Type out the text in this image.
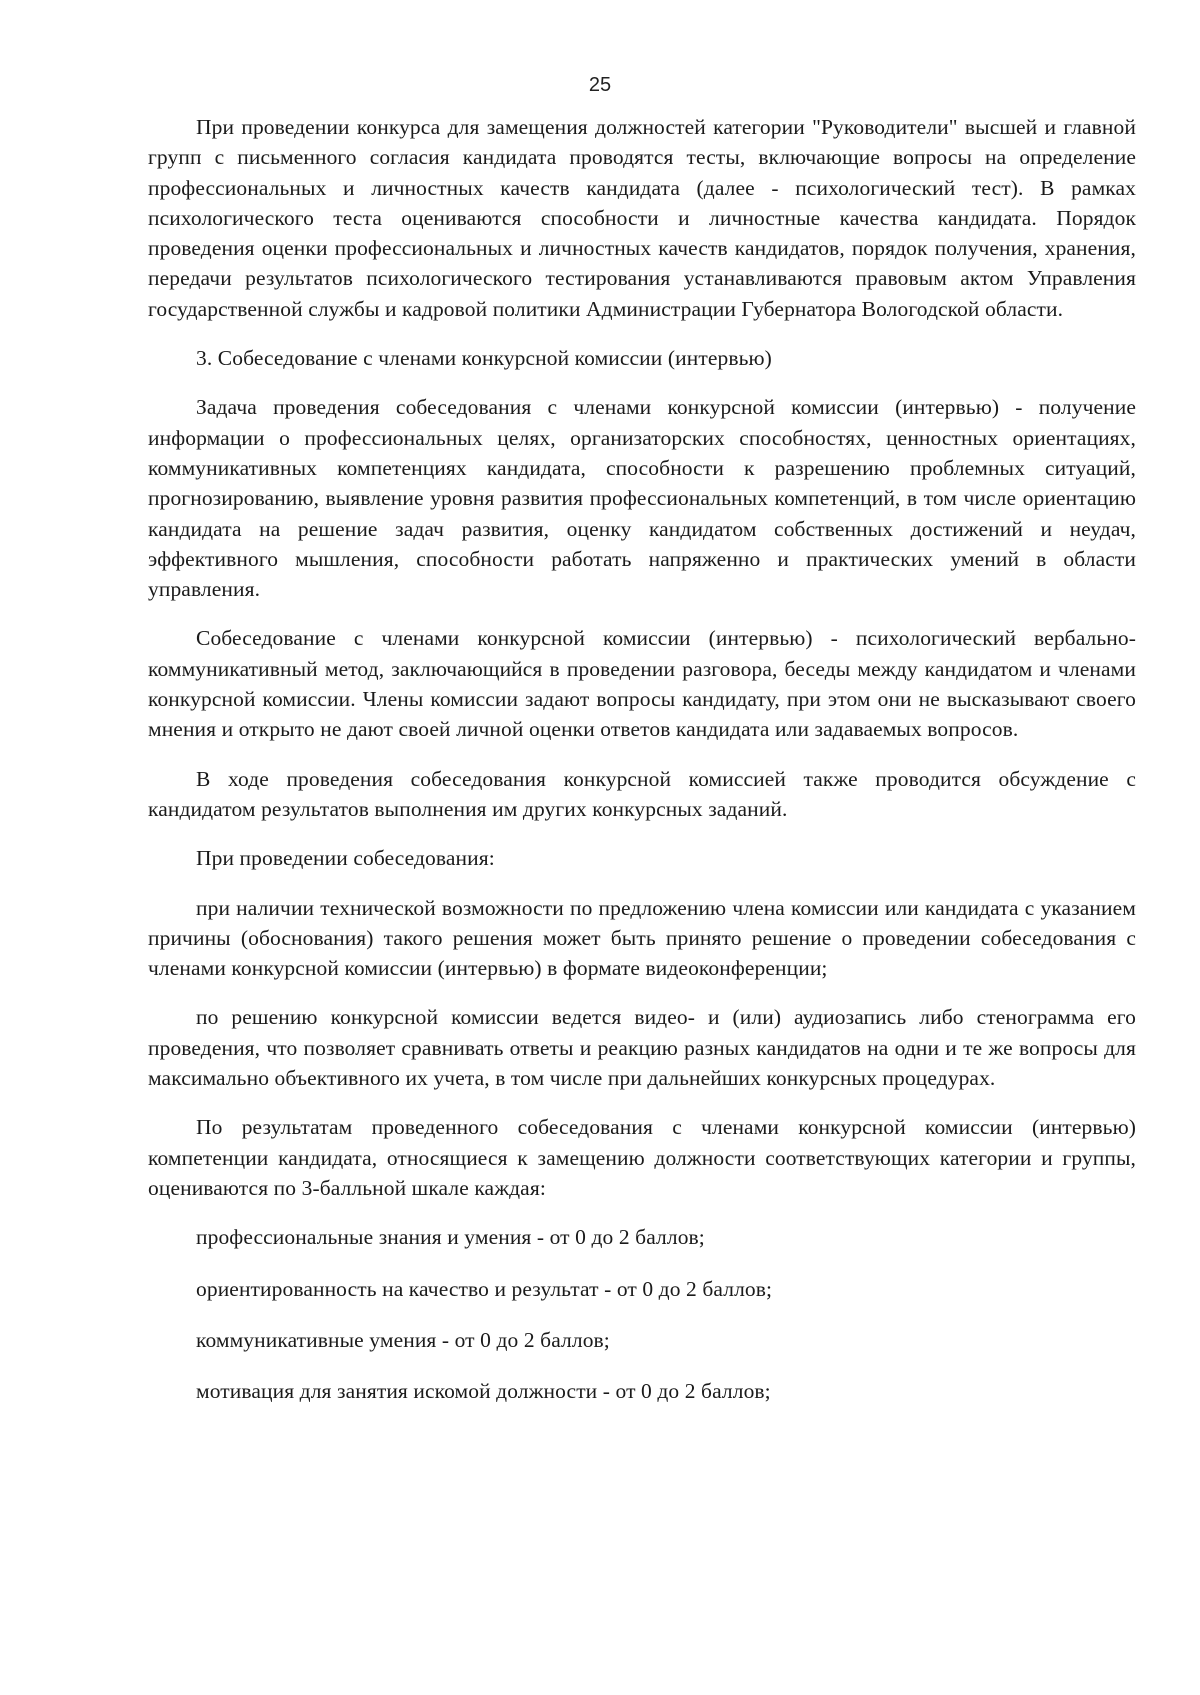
25

При проведении конкурса для замещения должностей категории "Руководители" высшей и главной групп с письменного согласия кандидата проводятся тесты, включающие вопросы на определение профессиональных и личностных качеств кандидата (далее - психологический тест). В рамках психологического теста оцениваются способности и личностные качества кандидата. Порядок проведения оценки профессиональных и личностных качеств кандидатов, порядок получения, хранения, передачи результатов психологического тестирования устанавливаются правовым актом Управления государственной службы и кадровой политики Администрации Губернатора Вологодской области.

3. Собеседование с членами конкурсной комиссии (интервью)

Задача проведения собеседования с членами конкурсной комиссии (интервью) - получение информации о профессиональных целях, организаторских способностях, ценностных ориентациях, коммуникативных компетенциях кандидата, способности к разрешению проблемных ситуаций, прогнозированию, выявление уровня развития профессиональных компетенций, в том числе ориентацию кандидата на решение задач развития, оценку кандидатом собственных достижений и неудач, эффективного мышления, способности работать напряженно и практических умений в области управления.

Собеседование с членами конкурсной комиссии (интервью) - психологический вербально-коммуникативный метод, заключающийся в проведении разговора, беседы между кандидатом и членами конкурсной комиссии. Члены комиссии задают вопросы кандидату, при этом они не высказывают своего мнения и открыто не дают своей личной оценки ответов кандидата или задаваемых вопросов.

В ходе проведения собеседования конкурсной комиссией также проводится обсуждение с кандидатом результатов выполнения им других конкурсных заданий.

При проведении собеседования:

при наличии технической возможности по предложению члена комиссии или кандидата с указанием причины (обоснования) такого решения может быть принято решение о проведении собеседования с членами конкурсной комиссии (интервью) в формате видеоконференции;

по решению конкурсной комиссии ведется видео- и (или) аудиозапись либо стенограмма его проведения, что позволяет сравнивать ответы и реакцию разных кандидатов на одни и те же вопросы для максимально объективного их учета, в том числе при дальнейших конкурсных процедурах.

По результатам проведенного собеседования с членами конкурсной комиссии (интервью) компетенции кандидата, относящиеся к замещению должности соответствующих категории и группы, оцениваются по 3-балльной шкале каждая:

профессиональные знания и умения - от 0 до 2 баллов;

ориентированность на качество и результат - от 0 до 2 баллов;

коммуникативные умения - от 0 до 2 баллов;

мотивация для занятия искомой должности - от 0 до 2 баллов;
